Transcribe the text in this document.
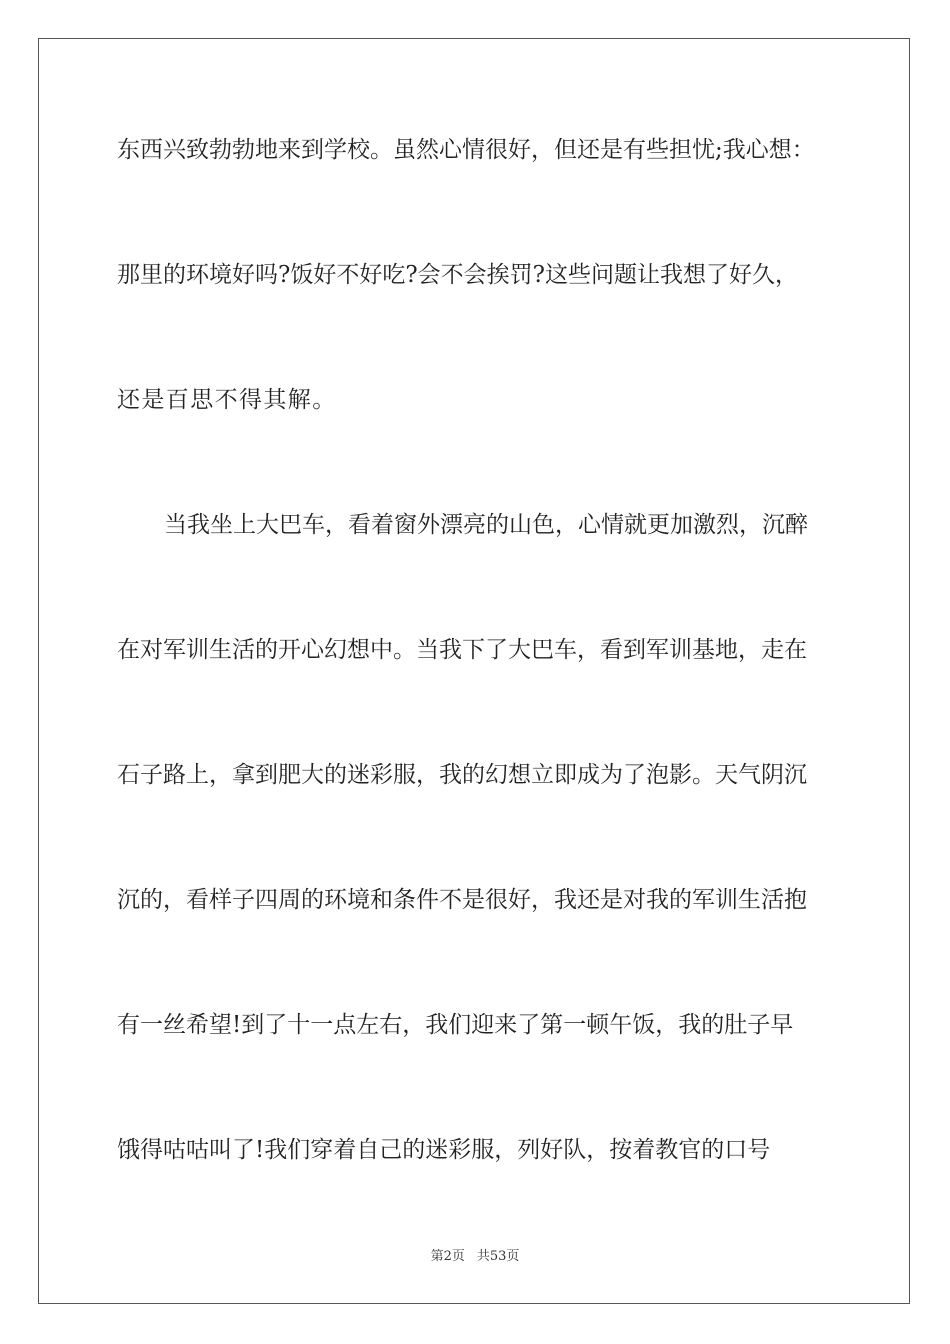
东西兴致勃勃地来到学校。虽然心情很好，但还是有些担忧;我心想：
那里的环境好吗?饭好不好吃?会不会挨罚?这些问题让我想了好久，
还是百思不得其解。
当我坐上大巴车，看着窗外漂亮的山色，心情就更加激烈，沉醉
在对军训生活的开心幻想中。当我下了大巴车，看到军训基地，走在
石子路上，拿到肥大的迷彩服，我的幻想立即成为了泡影。天气阴沉
沉的，看样子四周的环境和条件不是很好，我还是对我的军训生活抱
有一丝希望!到了十一点左右，我们迎来了第一顿午饭，我的肚子早
饿得咕咕叫了!我们穿着自己的迷彩服，列好队，按着教官的口号
第2页 共53页
